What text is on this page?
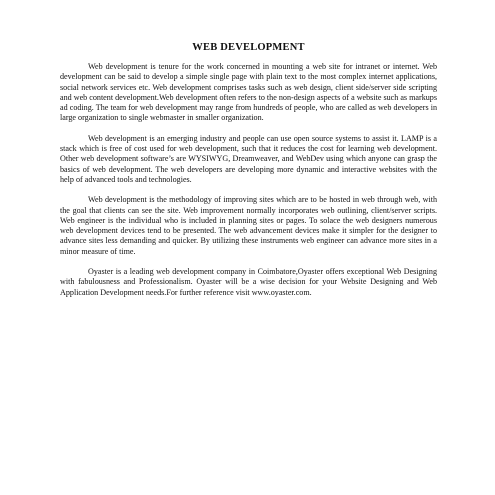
WEB DEVELOPMENT

Web development is tenure for the work concerned in mounting a web site for intranet or internet. Web development can be said to develop a simple single page with plain text to the most complex internet applications, social network services etc. Web development comprises tasks such as web design, client side/server side scripting and web content development.Web development often refers to the non-design aspects of a website such as markups ad coding. The team for web development may range from hundreds of people, who are called as web developers in large organization to single webmaster in smaller organization.

Web development is an emerging industry and people can use open source systems to assist it. LAMP is a stack which is free of cost used for web development, such that it reduces the cost for learning web development. Other web development software’s are WYSIWYG, Dreamweaver, and WebDev using which anyone can grasp the basics of web development. The web developers are developing more dynamic and interactive websites with the help of advanced tools and technologies.

Web development is the methodology of improving sites which are to be hosted in web through web, with the goal that clients can see the site. Web improvement normally incorporates web outlining, client/server scripts. Web engineer is the individual who is included in planning sites or pages. To solace the web designers numerous web development devices tend to be presented. The web advancement devices make it simpler for the designer to advance sites less demanding and quicker. By utilizing these instruments web engineer can advance more sites in a minor measure of time.

Oyaster is a leading web development company in Coimbatore,Oyaster offers exceptional Web Designing with fabulousness and Professionalism. Oyaster will be a wise decision for your Website Designing and Web Application Development needs.For further reference visit www.oyaster.com.
